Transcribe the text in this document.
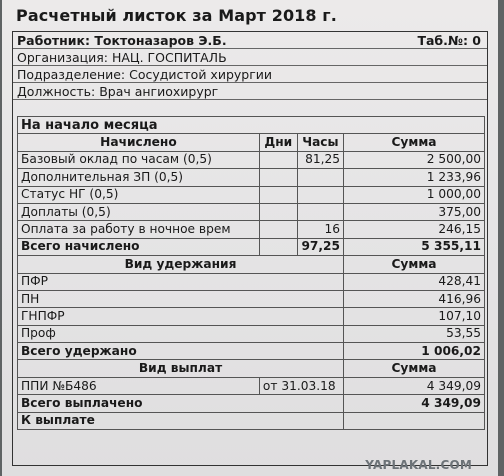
Расчетный листок за Март 2018 г.
Работник: Токтоназаров Э.Б.	Таб.№: 0
Организация: НАЦ. ГОСПИТАЛЬ
Подразделение: Сосудистой хирургии
Должность: Врач ангиохирург
На начало месяца			
Начислено	Дни	Часы	Сумма
Базовый оклад по часам (0,5)		81,25	2 500,00
Дополнительная ЗП (0,5)			1 233,96
Статус НГ (0,5)			1 000,00
Доплаты (0,5)			375,00
Оплата за работу в ночное врем		16	246,15
Всего начислено		97,25	5 355,11
Вид удержания			Сумма
ПФР			428,41
ПН			416,96
ГНПФР			107,10
Проф			53,55
Всего удержано			1 006,02
Вид выплат			Сумма
ППИ №Б486	от 31.03.18		4 349,09
Всего выплачено			4 349,09
К выплате			
YAPLAKAL.COM
